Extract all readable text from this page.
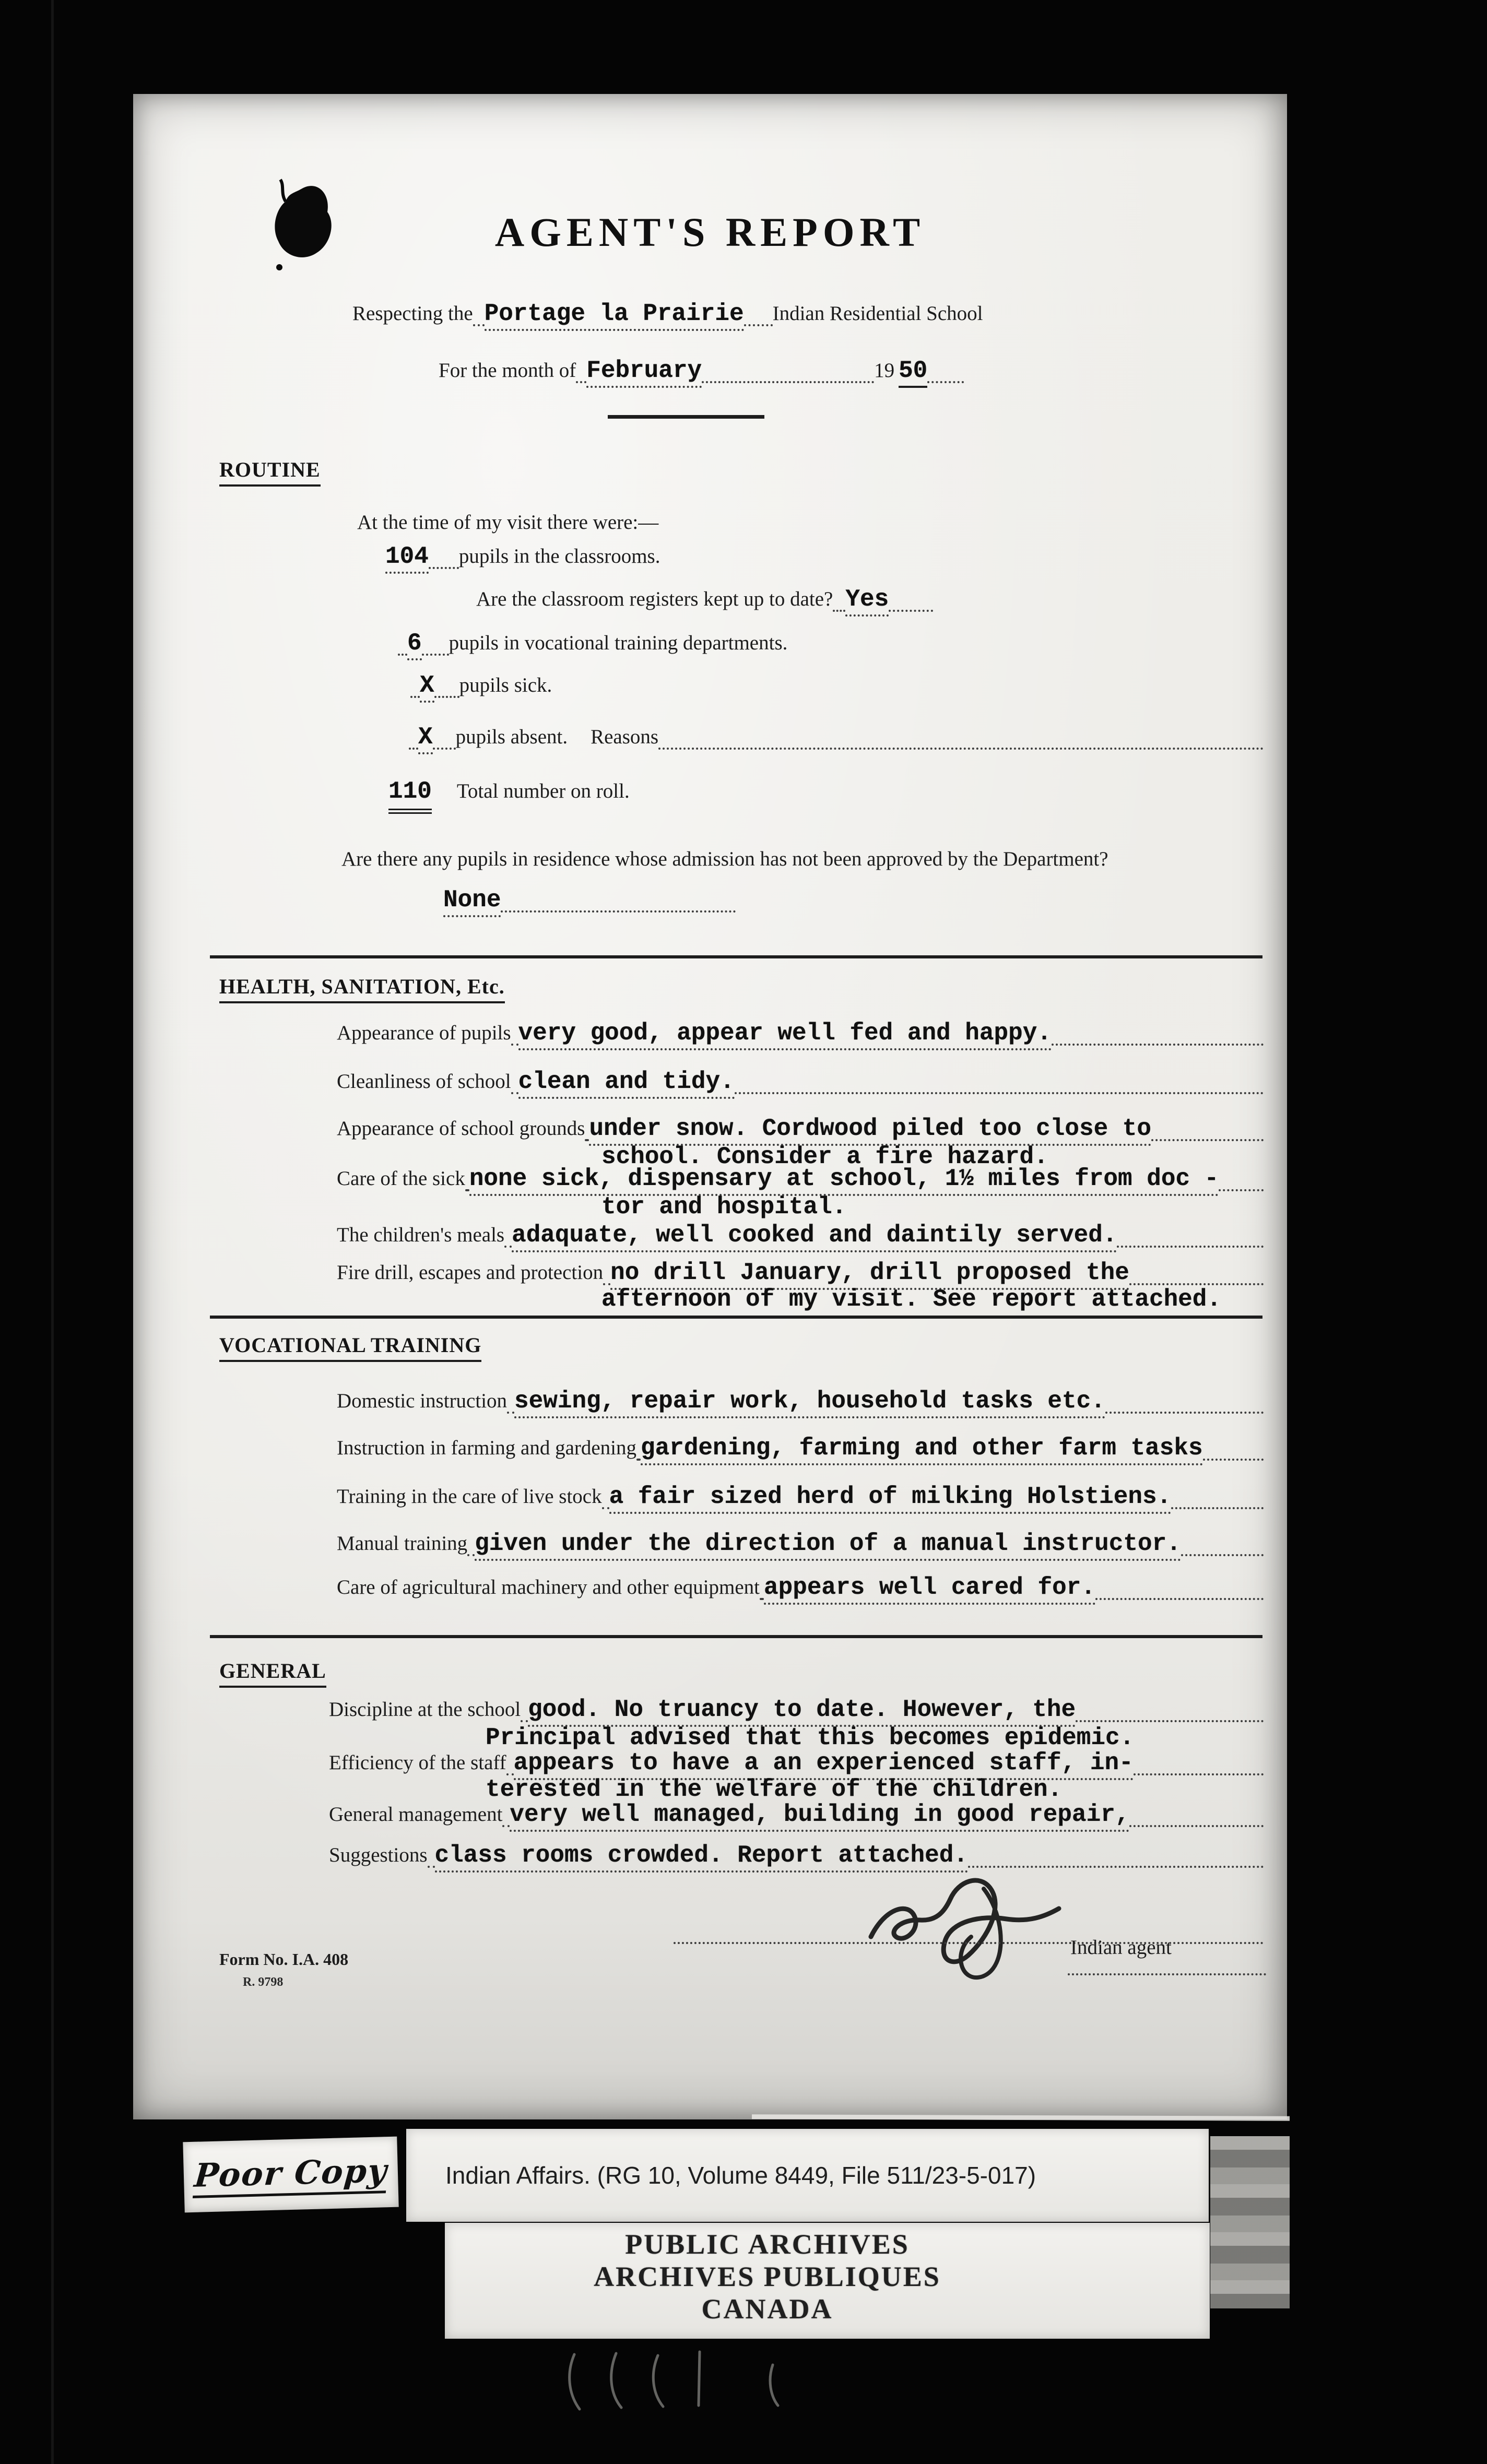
AGENT'S REPORT
Respecting the Portage la Prairie Indian Residential School
For the month of February	19 50
ROUTINE
At the time of my visit there were:—
104 pupils in the classrooms.
Are the classroom registers kept up to date? Yes
6 pupils in vocational training departments.
X pupils sick.
X pupils absent. Reasons
110 Total number on roll.
Are there any pupils in residence whose admission has not been approved by the Department?
None
HEALTH, SANITATION, Etc.
Appearance of pupils very good, appear well fed and happy.
Cleanliness of school clean and tidy.
Appearance of school grounds under snow. Cordwood piled too close to
school. Consider a fire hazard.
Care of the sick none sick, dispensary at school, 1½ miles from doc -
tor and hospital.
The children's meals adaquate, well cooked and daintily served.
Fire drill, escapes and protection no drill January, drill proposed the
afternoon of my visit. See report attached.
VOCATIONAL TRAINING
Domestic instruction sewing, repair work, household tasks etc.
Instruction in farming and gardening gardening, farming and other farm tasks
Training in the care of live stock a fair sized herd of milking Holstiens.
Manual training given under the direction of a manual instructor.
Care of agricultural machinery and other equipment appears well cared for.
GENERAL
Discipline at the school good. No truancy to date. However, the
Principal advised that this becomes epidemic.
Efficiency of the staff appears to have a an experienced staff, in-
terested in the welfare of the children.
General management very well managed, building in good repair,
Suggestions class rooms crowded. Report attached.
Indian agent
Form No. I.A. 408
R. 9798
Poor Copy	Indian Affairs. (RG 10, Volume 8449, File 511/23-5-017)
PUBLIC ARCHIVES
ARCHIVES PUBLIQUES
CANADA
